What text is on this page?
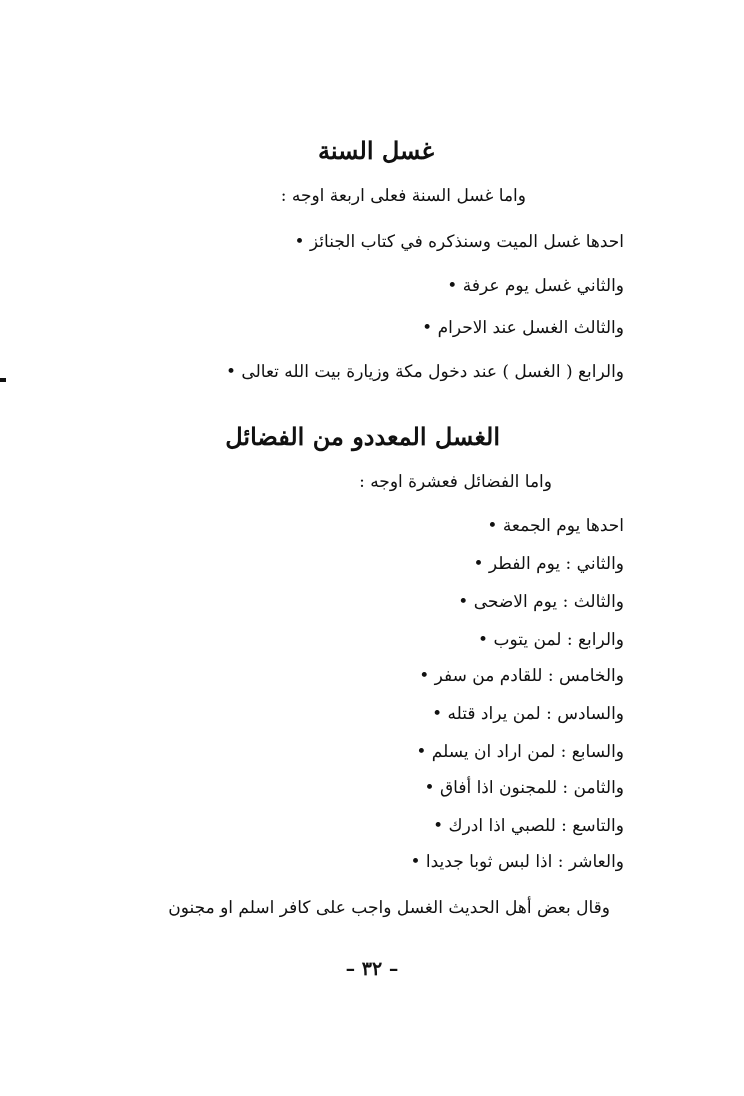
غسل السنة
واما غسل السنة فعلى اربعة اوجه :
احدها غسل الميت وسنذكره في كتاب الجنائز •
والثاني غسل يوم عرفة •
والثالث الغسل عند الاحرام •
والرابع ( الغسل ) عند دخول مكة وزيارة بيت الله تعالى •
الغسل المعددو من الفضائل
واما الفضائل فعشرة اوجه :
احدها يوم الجمعة •
والثاني : يوم الفطر •
والثالث : يوم الاضحى •
والرابع : لمن يتوب •
والخامس : للقادم من سفر •
والسادس : لمن يراد قتله •
والسابع : لمن اراد ان يسلم •
والثامن : للمجنون اذا أفاق •
والتاسع : للصبي اذا ادرك •
والعاشر : اذا لبس ثوبا جديدا •
وقال بعض أهل الحديث الغسل واجب على كافر اسلم او مجنون
– ٣٢ –
